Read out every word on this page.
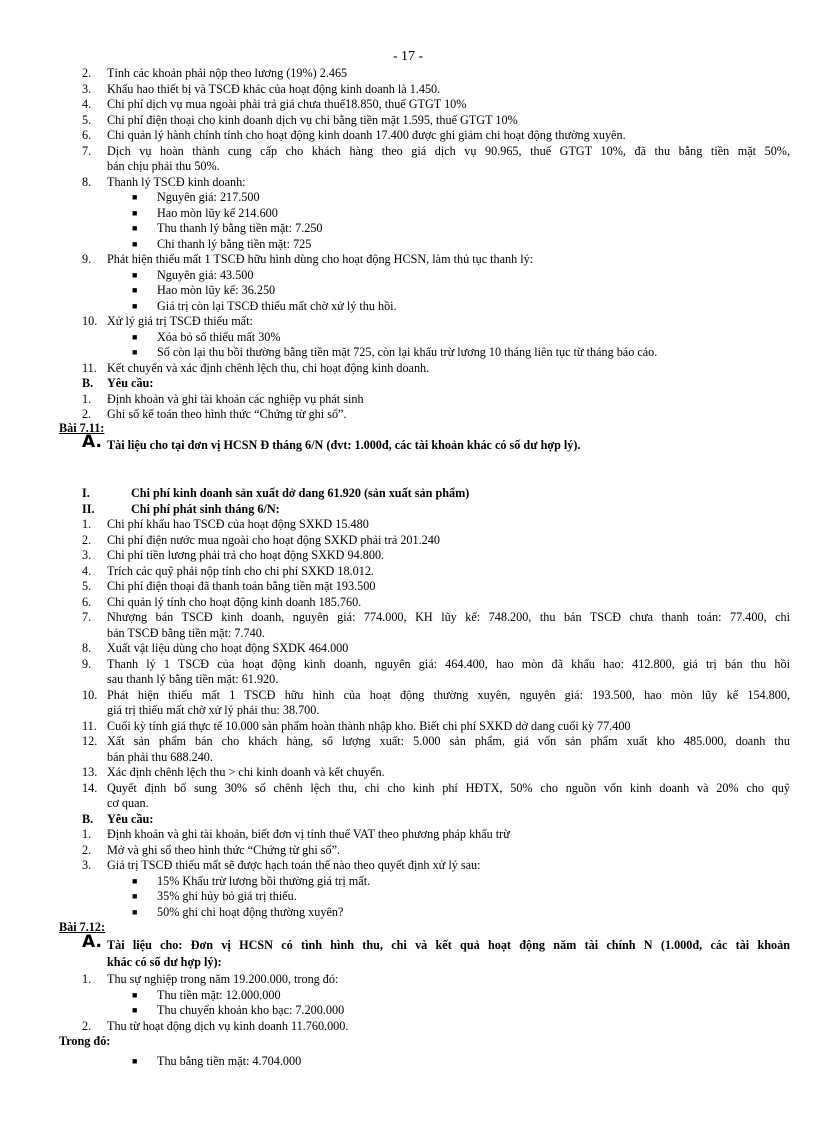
- 17 -
2.	Tính các khoản phải nộp theo lương (19%) 2.465
3.	Khấu hao thiết bị và TSCĐ khác của hoạt động kinh doanh là 1.450.
4.	Chi phí dịch vụ mua ngoài phải trả giá chưa thuế18.850, thuế GTGT 10%
5.	Chi phí điện thoại cho kinh doanh dịch vụ chi bằng tiền mặt 1.595, thuế GTGT 10%
6.	Chi quản lý hành chính tính cho hoạt động kinh doanh 17.400 được ghi giảm chi hoạt động thường xuyên.
7.	Dịch vụ hoàn thành cung cấp cho khách hàng theo giá dịch vụ 90.965, thuế GTGT 10%, đã thu bằng tiền mặt 50%,
bán chịu phải thu 50%.
8.	Thanh lý TSCĐ kinh doanh:
■ Nguyên giá: 217.500
■ Hao mòn lũy kế 214.600
■ Thu thanh lý bằng tiền mặt: 7.250
■ Chi thanh lý bằng tiền mặt: 725
9.	Phát hiện thiếu mất 1 TSCĐ hữu hình dùng cho hoạt động HCSN, làm thủ tục thanh lý:
■ Nguyên giá: 43.500
■ Hao mòn lũy kế: 36.250
■ Giá trị còn lại TSCĐ thiếu mất chờ xử lý thu hồi.
10. Xử lý giá trị TSCĐ thiếu mất:
■ Xóa bỏ số thiếu mất 30%
■ Số còn lại thu bồi thường bằng tiền mặt 725, còn lại khấu trừ lương 10 tháng liên tục từ tháng báo cáo.
11. Kết chuyển và xác định chênh lệch thu, chi hoạt động kinh doanh.
B. Yêu cầu:
1.	Định khoản và ghi tài khoản các nghiệp vụ phát sinh
2.	Ghi sổ kế toán theo hình thức “Chứng từ ghi sổ”.
Bài 7.11:
A. Tài liệu cho tại đơn vị HCSN Đ tháng 6/N (đvt: 1.000đ, các tài khoản khác có số dư hợp lý).
I.	Chi phí kinh doanh sản xuất dở dang 61.920 (sản xuất sản phẩm)
II.	Chi phí phát sinh tháng 6/N:
1.	Chi phí khấu hao TSCĐ của hoạt động SXKD 15.480
2.	Chi phí điện nước mua ngoài cho hoạt động SXKD phải trả 201.240
3.	Chi phí tiền lương phải trả cho hoạt động SXKD 94.800.
4.	Trích các quỹ phải nộp tính cho chi phí SXKD 18.012.
5.	Chi phí điện thoại đã thanh toán bằng tiền mặt 193.500
6.	Chi quản lý tính cho hoạt động kinh doanh 185.760.
7.	Nhượng bán TSCĐ kinh doanh, nguyên giá: 774.000, KH lũy kế: 748.200, thu bán TSCĐ chưa thanh toán: 77.400, chi
bán TSCĐ bằng tiền mặt: 7.740.
8.	Xuất vật liệu dùng cho hoạt động SXDK 464.000
9.	Thanh lý 1 TSCĐ của hoạt động kinh doanh, nguyên giá: 464.400, hao mòn đã khấu hao: 412.800, giá trị bán thu hồi
sau thanh lý bằng tiền mặt: 61.920.
10. Phát hiện thiếu mất 1 TSCĐ hữu hình của hoạt động thường xuyên, nguyên giá: 193.500, hao mòn lũy kế 154.800,
giá trị thiếu mất chờ xử lý phải thu: 38.700.
11. Cuối kỳ tính giá thực tế 10.000 sản phẩm hoàn thành nhập kho. Biết chi phí SXKD dở dang cuối kỳ 77.400
12. Xất sản phẩm bán cho khách hàng, số lượng xuất: 5.000 sản phẩm, giá vốn sản phẩm xuất kho 485.000, doanh thu
bán phải thu 688.240.
13. Xác định chênh lệch thu > chi kinh doanh và kết chuyển.
14. Quyết định bổ sung 30% số chênh lệch thu, chi cho kinh phí HĐTX, 50% cho nguồn vốn kinh doanh và 20% cho quỹ
cơ quan.
B. Yêu cầu:
1.	Định khoản và ghi tài khoản, biết đơn vị tính thuế VAT theo phương pháp khấu trừ
2.	Mở và ghi sổ theo hình thức “Chứng từ ghi sổ”.
3.	Giá trị TSCĐ thiếu mất sẽ được hạch toán thế nào theo quyết định xử lý sau:
■ 15% Khấu trừ lương bồi thường giá trị mất.
■ 35% ghi hủy bỏ giá trị thiếu.
■ 50% ghi chi hoạt động thường xuyên?
Bài 7.12:
A. Tài liệu cho: Đơn vị HCSN có tình hình thu, chi và kết quả hoạt động năm tài chính N (1.000đ, các tài khoản
khác có số dư hợp lý):
1.	Thu sự nghiệp trong năm 19.200.000, trong đó:
■ Thu tiền mặt: 12.000.000
■ Thu chuyển khoản kho bạc: 7.200.000
2.	Thu từ hoạt động dịch vụ kinh doanh 11.760.000.
Trong đó:
■ Thu bằng tiền mặt: 4.704.000
